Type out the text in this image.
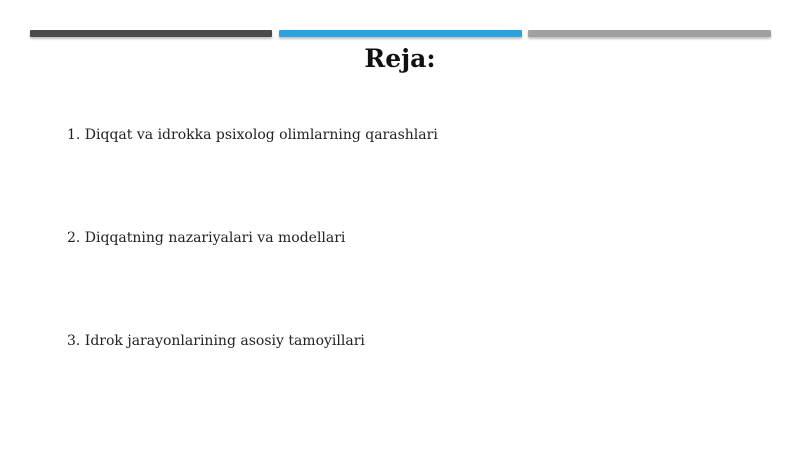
Reja:
1. Diqqat va idrokka psixolog olimlarning qarashlari
2. Diqqatning nazariyalari va modellari
3. Idrok jarayonlarining asosiy tamoyillari
